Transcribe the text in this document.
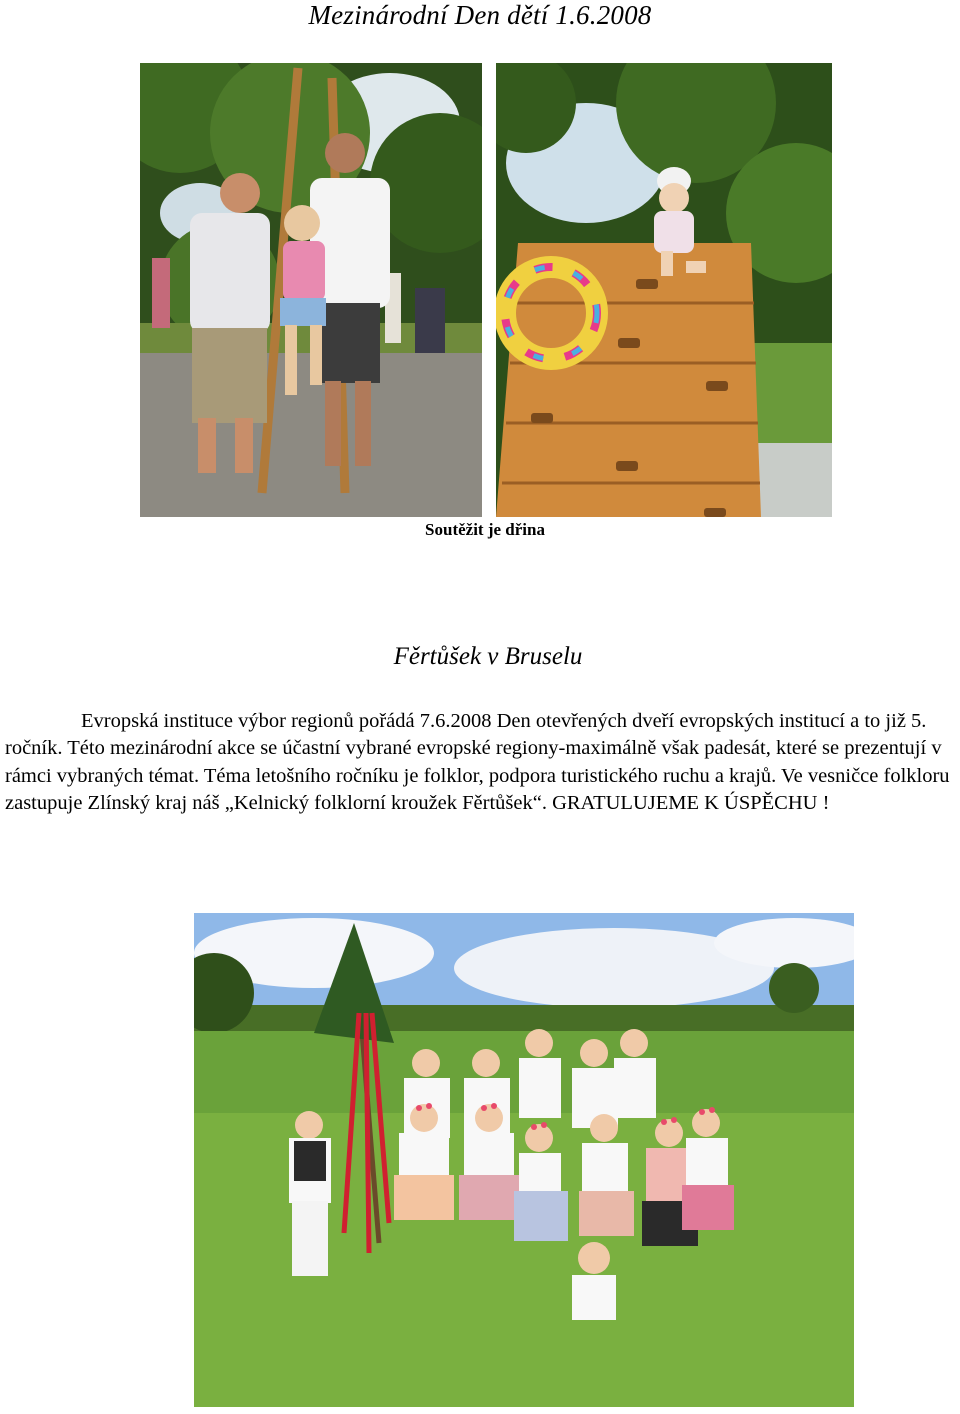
Mezinárodní Den dětí 1.6.2008
Soutěžit je dřina
Fěrtůšek v Bruselu

Evropská instituce výbor regionů pořádá 7.6.2008 Den otevřených dveří evropských institucí a to již 5. ročník. Této mezinárodní akce se účastní vybrané evropské regiony-maximálně však padesát, které se prezentují v rámci vybraných témat. Téma letošního ročníku je folklor, podpora turistického ruchu a krajů. Ve vesničce folkloru zastupuje Zlínský kraj náš „Kelnický folklorní kroužek Fěrtůšek“. GRATULUJEME K ÚSPĚCHU !
